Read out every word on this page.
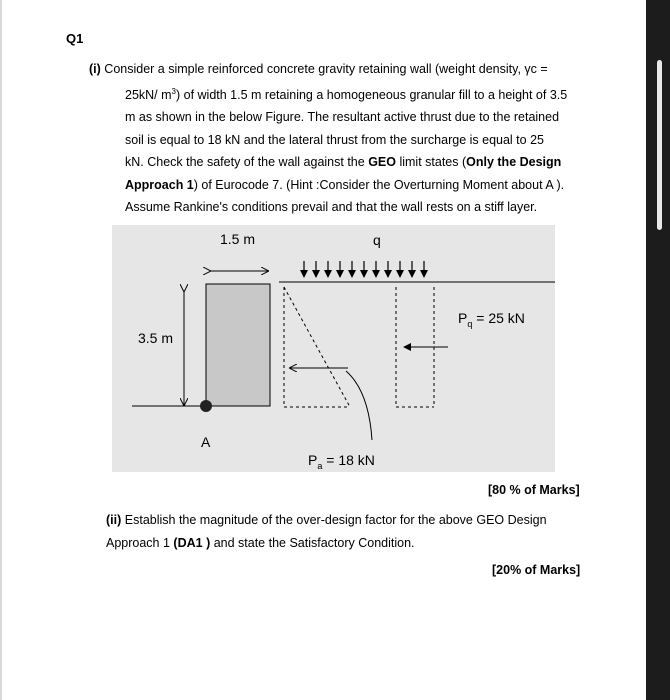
Q1
(i) Consider a simple reinforced concrete gravity retaining wall (weight density, γc =
25kN/ $m^3$) of width 1.5 m retaining a homogeneous granular fill to a height of 3.5
m as shown in the below Figure. The resultant active thrust due to the retained
soil is equal to 18 kN and the lateral thrust from the surcharge is equal to 25
kN. Check the safety of the wall against the GEO limit states (Only the Design
Approach 1) of Eurocode 7. (Hint :Consider the Overturning Moment about A ).
Assume Rankine's conditions prevail and that the wall rests on a stiff layer.
1.5 m	q
3.5 m
A
$P_q = 25$ kN
$P_a = 18$ kN
[80 % of Marks]
(ii) Establish the magnitude of the over-design factor for the above GEO Design
Approach 1 (DA1 ) and state the Satisfactory Condition.
[20% of Marks]
